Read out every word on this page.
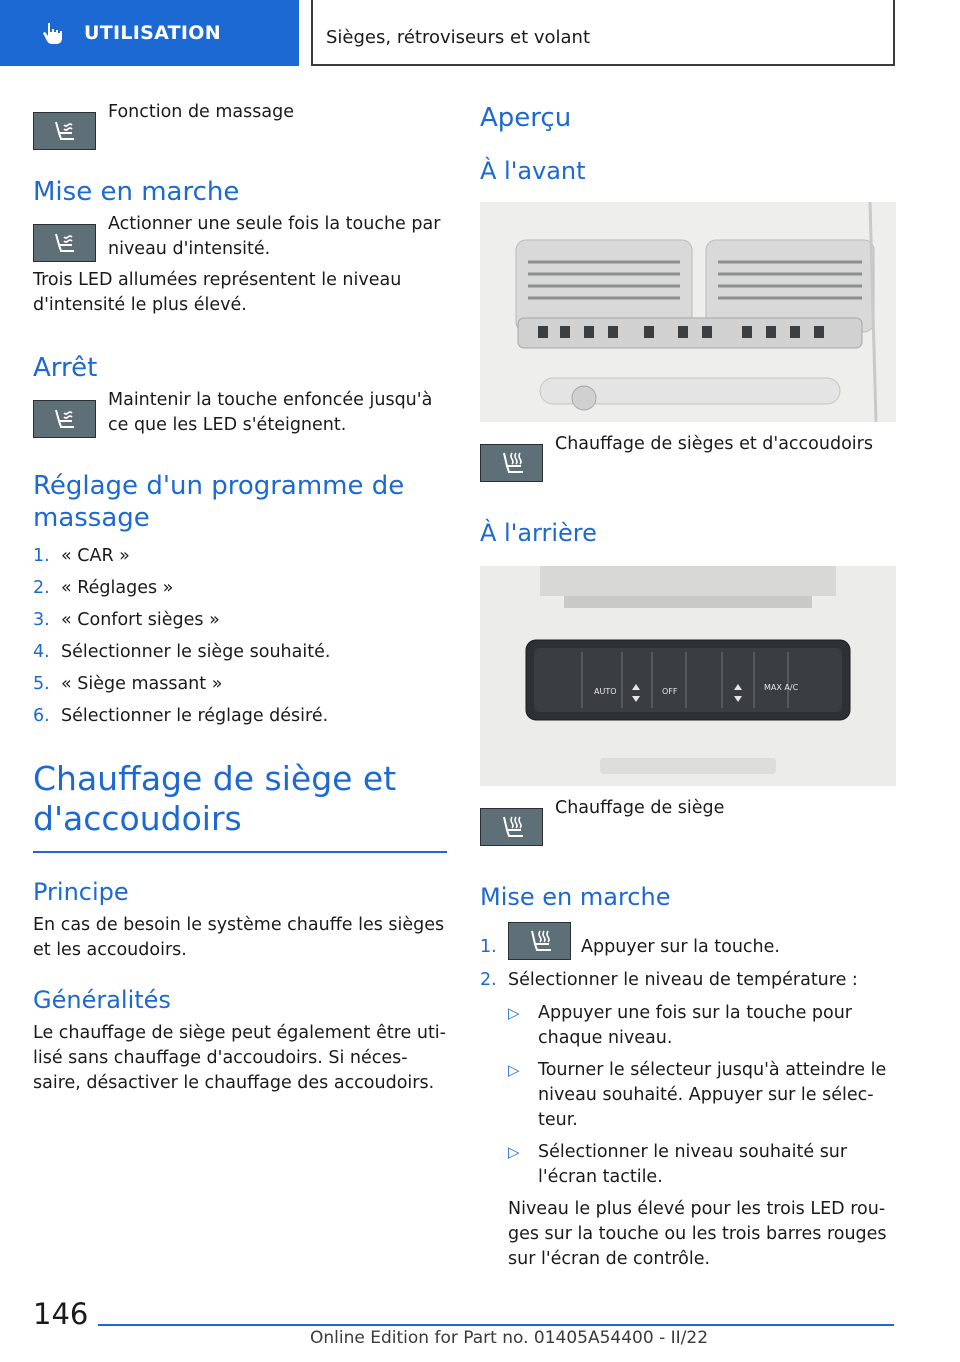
UTILISATION	Sièges, rétroviseurs et volant
Fonction de massage
Mise en marche
Actionner une seule fois la touche par niveau d'intensité.
Trois LED allumées représentent le niveau d'intensité le plus élevé.
Arrêt
Maintenir la touche enfoncée jusqu'à ce que les LED s'éteignent.
Réglage d'un programme de massage
1. « CAR »
2. « Réglages »
3. « Confort sièges »
4. Sélectionner le siège souhaité.
5. « Siège massant »
6. Sélectionner le réglage désiré.
Chauffage de siège et d'accoudoirs
Principe
En cas de besoin le système chauffe les sièges et les accoudoirs.
Généralités
Le chauffage de siège peut également être uti-lisé sans chauffage d'accoudoirs. Si néces-saire, désactiver le chauffage des accoudoirs.
Aperçu
À l'avant
Chauffage de sièges et d'accoudoirs
À l'arrière
AUTO	OFF	MAX A/C
Chauffage de siège
Mise en marche
1.	Appuyer sur la touche.
2. Sélectionner le niveau de température :
▷	Appuyer une fois sur la touche pour chaque niveau.
▷	Tourner le sélecteur jusqu'à atteindre le niveau souhaité. Appuyer sur le sélec-teur.
▷	Sélectionner le niveau souhaité sur l'écran tactile.
Niveau le plus élevé pour les trois LED rou-ges sur la touche ou les trois barres rouges sur l'écran de contrôle.
146
Online Edition for Part no. 01405A54400 - II/22
